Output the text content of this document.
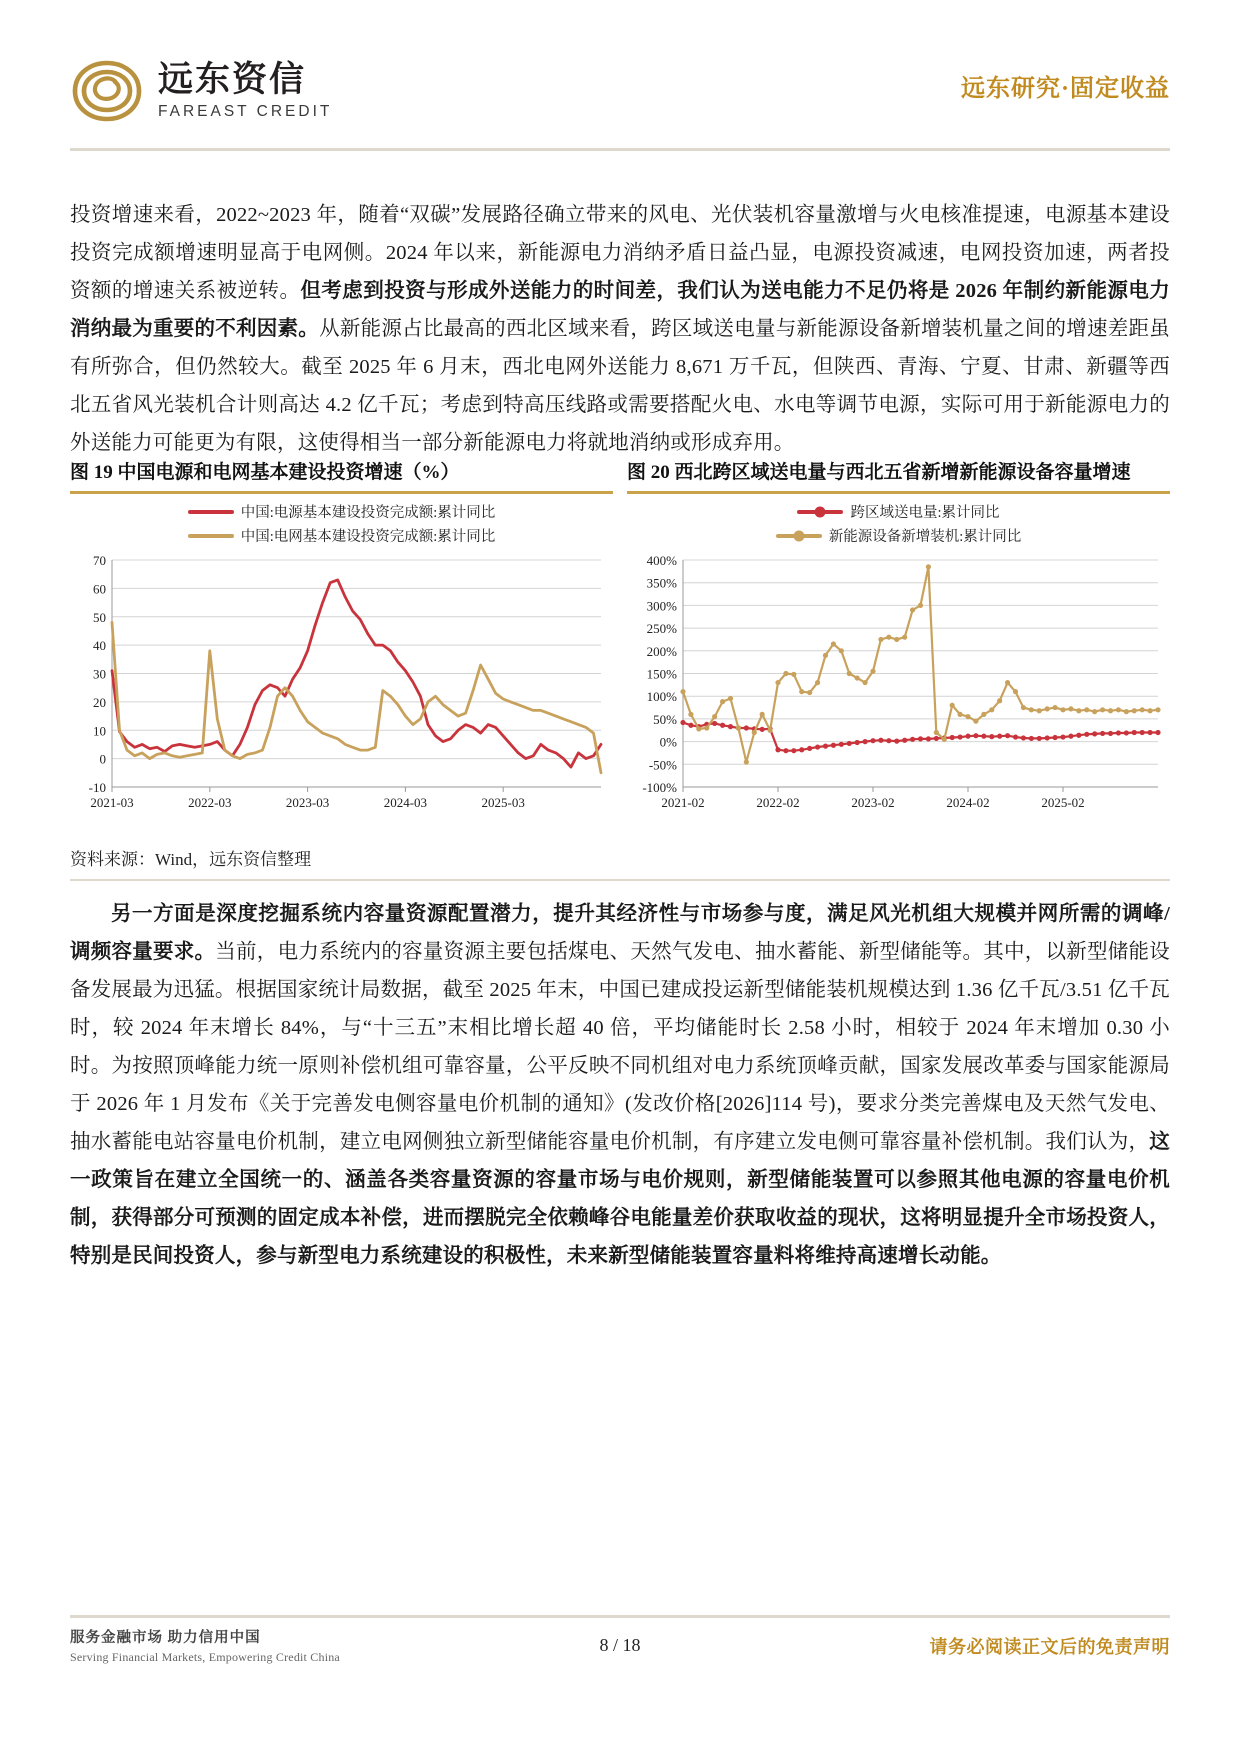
远东资信
FAREAST CREDIT
远东研究·固定收益

投资增速来看，2022~2023 年，随着“双碳”发展路径确立带来的风电、光伏装机容量激增与火电核准提速，电源基本建设投资完成额增速明显高于电网侧。2024 年以来，新能源电力消纳矛盾日益凸显，电源投资减速，电网投资加速，两者投资额的增速关系被逆转。但考虑到投资与形成外送能力的时间差，我们认为送电能力不足仍将是 2026 年制约新能源电力消纳最为重要的不利因素。从新能源占比最高的西北区域来看，跨区域送电量与新能源设备新增装机量之间的增速差距虽有所弥合，但仍然较大。截至 2025 年 6 月末，西北电网外送能力 8,671 万千瓦，但陕西、青海、宁夏、甘肃、新疆等西北五省风光装机合计则高达 4.2 亿千瓦；考虑到特高压线路或需要搭配火电、水电等调节电源，实际可用于新能源电力的外送能力可能更为有限，这使得相当一部分新能源电力将就地消纳或形成弃用。

图 19 中国电源和电网基本建设投资增速（%）
中国:电源基本建设投资完成额:累计同比
中国:电网基本建设投资完成额:累计同比
-10
0
10
20
30
40
50
60
70
2021-03	2022-03	2023-03	2024-03	2025-03
图 20 西北跨区域送电量与西北五省新增新能源设备容量增速
跨区域送电量:累计同比
新能源设备新增装机:累计同比
-100%
-50%
0%
50%
100%
150%
200%
250%
300%
350%
400%
2021-02	2022-02	2023-02	2024-02	2025-02
资料来源：Wind，远东资信整理

另一方面是深度挖掘系统内容量资源配置潜力，提升其经济性与市场参与度，满足风光机组大规模并网所需的调峰/调频容量要求。当前，电力系统内的容量资源主要包括煤电、天然气发电、抽水蓄能、新型储能等。其中，以新型储能设备发展最为迅猛。根据国家统计局数据，截至 2025 年末，中国已建成投运新型储能装机规模达到 1.36 亿千瓦/3.51 亿千瓦时，较 2024 年末增长 84%，与“十三五”末相比增长超 40 倍，平均储能时长 2.58 小时，相较于 2024 年末增加 0.30 小时。为按照顶峰能力统一原则补偿机组可靠容量，公平反映不同机组对电力系统顶峰贡献，国家发展改革委与国家能源局于 2026 年 1 月发布《关于完善发电侧容量电价机制的通知》(发改价格[2026]114 号)，要求分类完善煤电及天然气发电、抽水蓄能电站容量电价机制，建立电网侧独立新型储能容量电价机制，有序建立发电侧可靠容量补偿机制。我们认为，这一政策旨在建立全国统一的、涵盖各类容量资源的容量市场与电价规则，新型储能装置可以参照其他电源的容量电价机制，获得部分可预测的固定成本补偿，进而摆脱完全依赖峰谷电能量差价获取收益的现状，这将明显提升全市场投资人，特别是民间投资人，参与新型电力系统建设的积极性，未来新型储能装置容量料将维持高速增长动能。

服务金融市场 助力信用中国
Serving Financial Markets, Empowering Credit China
8 / 18	请务必阅读正文后的免责声明
